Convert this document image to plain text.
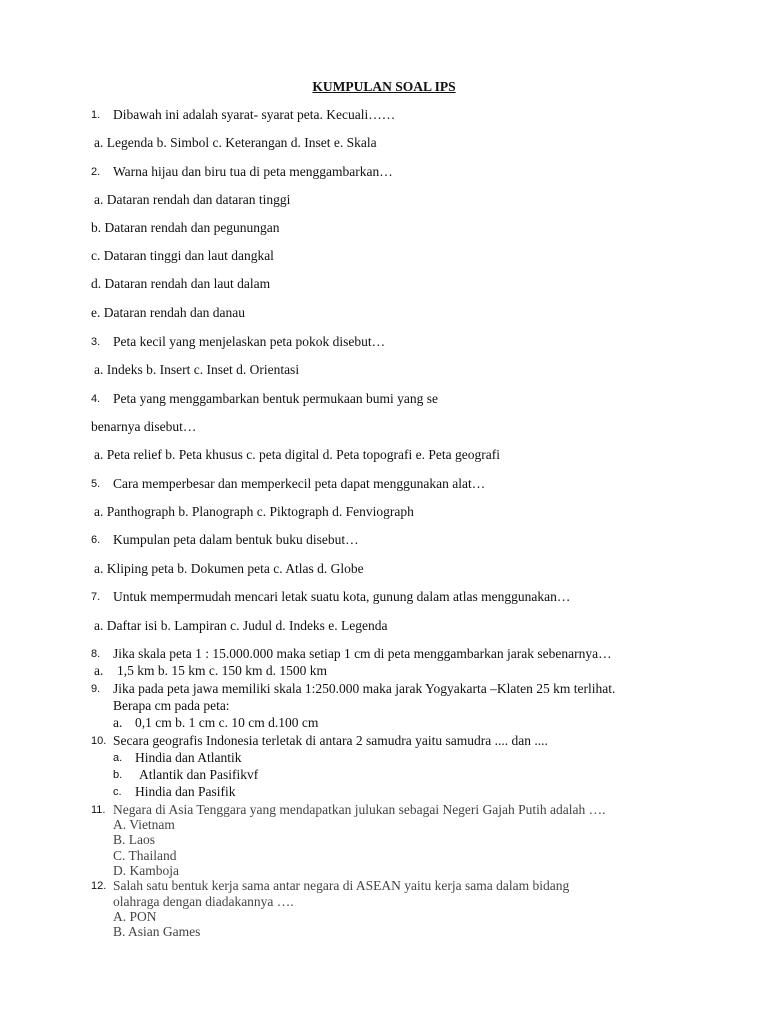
KUMPULAN SOAL IPS
1. Dibawah ini adalah syarat- syarat peta. Kecuali……
a. Legenda b. Simbol c. Keterangan d. Inset e. Skala
2. Warna hijau dan biru tua di peta menggambarkan…
a. Dataran rendah dan dataran tinggi
b. Dataran rendah dan pegunungan
c. Dataran tinggi dan laut dangkal
d. Dataran rendah dan laut dalam
e. Dataran rendah dan danau
3. Peta kecil yang menjelaskan peta pokok disebut…
a. Indeks b. Insert c. Inset d. Orientasi
4. Peta yang menggambarkan bentuk permukaan bumi yang se
benarnya disebut…
a. Peta relief b. Peta khusus c. peta digital d. Peta topografi e. Peta geografi
5. Cara memperbesar dan memperkecil peta dapat menggunakan alat…
a. Panthograph b. Planograph c. Piktograph d. Fenviograph
6. Kumpulan peta dalam bentuk buku disebut…
a. Kliping peta b. Dokumen peta c. Atlas d. Globe
7. Untuk mempermudah mencari letak suatu kota, gunung dalam atlas menggunakan…
a. Daftar isi b. Lampiran c. Judul d. Indeks e. Legenda
8. Jika skala peta 1 : 15.000.000 maka setiap 1 cm di peta menggambarkan jarak sebenarnya…
a. 1,5 km b. 15 km c. 150 km d. 1500 km
9. Jika pada peta jawa memiliki skala 1:250.000 maka jarak Yogyakarta –Klaten 25 km terlihat.
Berapa cm pada peta:
a. 0,1 cm b. 1 cm c. 10 cm d.100 cm
10. Secara geografis Indonesia terletak di antara 2 samudra yaitu samudra .... dan ....
a. Hindia dan Atlantik
b. Atlantik dan Pasifikvf
c. Hindia dan Pasifik
11. Negara di Asia Tenggara yang mendapatkan julukan sebagai Negeri Gajah Putih adalah ….
A. Vietnam
B. Laos
C. Thailand
D. Kamboja
12. Salah satu bentuk kerja sama antar negara di ASEAN yaitu kerja sama dalam bidang
olahraga dengan diadakannya ….
A. PON
B. Asian Games
